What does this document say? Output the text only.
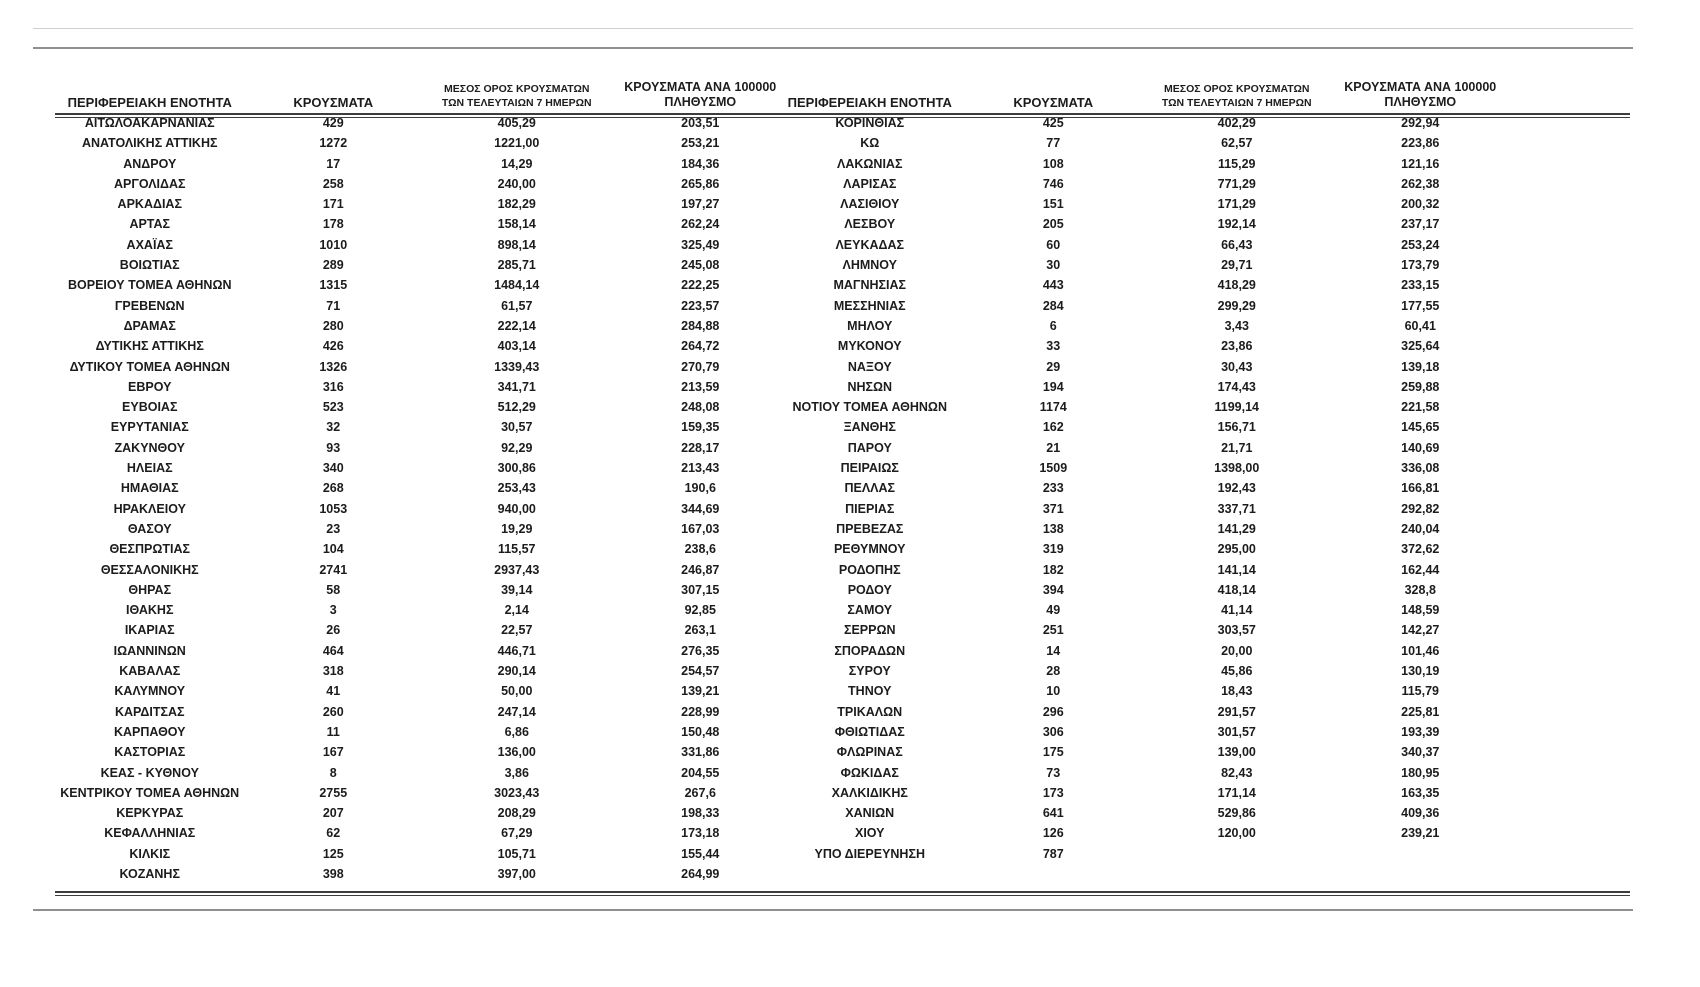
ΠΕΡΙΦΕΡΕΙΑΚΗ ΕΝΟΤΗΤΑ	ΚΡΟΥΣΜΑΤΑ	ΜΕΣΟΣ ΟΡΟΣ ΚΡΟΥΣΜΑΤΩΝ
ΤΩΝ ΤΕΛΕΥΤΑΙΩΝ 7 ΗΜΕΡΩΝ	ΚΡΟΥΣΜΑΤΑ ΑΝΑ 100000
ΠΛΗΘΥΣΜΟ

ΑΙΤΩΛΟΑΚΑΡΝΑΝΙΑΣ	429	405,29	203,51
ΑΝΑΤΟΛΙΚΗΣ ΑΤΤΙΚΗΣ	1272	1221,00	253,21
ΑΝΔΡΟΥ	17	14,29	184,36
ΑΡΓΟΛΙΔΑΣ	258	240,00	265,86
ΑΡΚΑΔΙΑΣ	171	182,29	197,27
ΑΡΤΑΣ	178	158,14	262,24
ΑΧΑΪΑΣ	1010	898,14	325,49
ΒΟΙΩΤΙΑΣ	289	285,71	245,08
ΒΟΡΕΙΟΥ ΤΟΜΕΑ ΑΘΗΝΩΝ	1315	1484,14	222,25
ΓΡΕΒΕΝΩΝ	71	61,57	223,57
ΔΡΑΜΑΣ	280	222,14	284,88
ΔΥΤΙΚΗΣ ΑΤΤΙΚΗΣ	426	403,14	264,72
ΔΥΤΙΚΟΥ ΤΟΜΕΑ ΑΘΗΝΩΝ	1326	1339,43	270,79
ΕΒΡΟΥ	316	341,71	213,59
ΕΥΒΟΙΑΣ	523	512,29	248,08
ΕΥΡΥΤΑΝΙΑΣ	32	30,57	159,35
ΖΑΚΥΝΘΟΥ	93	92,29	228,17
ΗΛΕΙΑΣ	340	300,86	213,43
ΗΜΑΘΙΑΣ	268	253,43	190,6
ΗΡΑΚΛΕΙΟΥ	1053	940,00	344,69
ΘΑΣΟΥ	23	19,29	167,03
ΘΕΣΠΡΩΤΙΑΣ	104	115,57	238,6
ΘΕΣΣΑΛΟΝΙΚΗΣ	2741	2937,43	246,87
ΘΗΡΑΣ	58	39,14	307,15
ΙΘΑΚΗΣ	3	2,14	92,85
ΙΚΑΡΙΑΣ	26	22,57	263,1
ΙΩΑΝΝΙΝΩΝ	464	446,71	276,35
ΚΑΒΑΛΑΣ	318	290,14	254,57
ΚΑΛΥΜΝΟΥ	41	50,00	139,21
ΚΑΡΔΙΤΣΑΣ	260	247,14	228,99
ΚΑΡΠΑΘΟΥ	11	6,86	150,48
ΚΑΣΤΟΡΙΑΣ	167	136,00	331,86
ΚΕΑΣ - ΚΥΘΝΟΥ	8	3,86	204,55
ΚΕΝΤΡΙΚΟΥ ΤΟΜΕΑ ΑΘΗΝΩΝ	2755	3023,43	267,6
ΚΕΡΚΥΡΑΣ	207	208,29	198,33
ΚΕΦΑΛΛΗΝΙΑΣ	62	67,29	173,18
ΚΙΛΚΙΣ	125	105,71	155,44
ΚΟΖΑΝΗΣ	398	397,00	264,99
ΠΕΡΙΦΕΡΕΙΑΚΗ ΕΝΟΤΗΤΑ	ΚΡΟΥΣΜΑΤΑ	ΜΕΣΟΣ ΟΡΟΣ ΚΡΟΥΣΜΑΤΩΝ
ΤΩΝ ΤΕΛΕΥΤΑΙΩΝ 7 ΗΜΕΡΩΝ	ΚΡΟΥΣΜΑΤΑ ΑΝΑ 100000
ΠΛΗΘΥΣΜΟ

ΚΟΡΙΝΘΙΑΣ	425	402,29	292,94
ΚΩ	77	62,57	223,86
ΛΑΚΩΝΙΑΣ	108	115,29	121,16
ΛΑΡΙΣΑΣ	746	771,29	262,38
ΛΑΣΙΘΙΟΥ	151	171,29	200,32
ΛΕΣΒΟΥ	205	192,14	237,17
ΛΕΥΚΑΔΑΣ	60	66,43	253,24
ΛΗΜΝΟΥ	30	29,71	173,79
ΜΑΓΝΗΣΙΑΣ	443	418,29	233,15
ΜΕΣΣΗΝΙΑΣ	284	299,29	177,55
ΜΗΛΟΥ	6	3,43	60,41
ΜΥΚΟΝΟΥ	33	23,86	325,64
ΝΑΞΟΥ	29	30,43	139,18
ΝΗΣΩΝ	194	174,43	259,88
ΝΟΤΙΟΥ ΤΟΜΕΑ ΑΘΗΝΩΝ	1174	1199,14	221,58
ΞΑΝΘΗΣ	162	156,71	145,65
ΠΑΡΟΥ	21	21,71	140,69
ΠΕΙΡΑΙΩΣ	1509	1398,00	336,08
ΠΕΛΛΑΣ	233	192,43	166,81
ΠΙΕΡΙΑΣ	371	337,71	292,82
ΠΡΕΒΕΖΑΣ	138	141,29	240,04
ΡΕΘΥΜΝΟΥ	319	295,00	372,62
ΡΟΔΟΠΗΣ	182	141,14	162,44
ΡΟΔΟΥ	394	418,14	328,8
ΣΑΜΟΥ	49	41,14	148,59
ΣΕΡΡΩΝ	251	303,57	142,27
ΣΠΟΡΑΔΩΝ	14	20,00	101,46
ΣΥΡΟΥ	28	45,86	130,19
ΤΗΝΟΥ	10	18,43	115,79
ΤΡΙΚΑΛΩΝ	296	291,57	225,81
ΦΘΙΩΤΙΔΑΣ	306	301,57	193,39
ΦΛΩΡΙΝΑΣ	175	139,00	340,37
ΦΩΚΙΔΑΣ	73	82,43	180,95
ΧΑΛΚΙΔΙΚΗΣ	173	171,14	163,35
ΧΑΝΙΩΝ	641	529,86	409,36
ΧΙΟΥ	126	120,00	239,21
ΥΠΟ ΔΙΕΡΕΥΝΗΣΗ	787		
